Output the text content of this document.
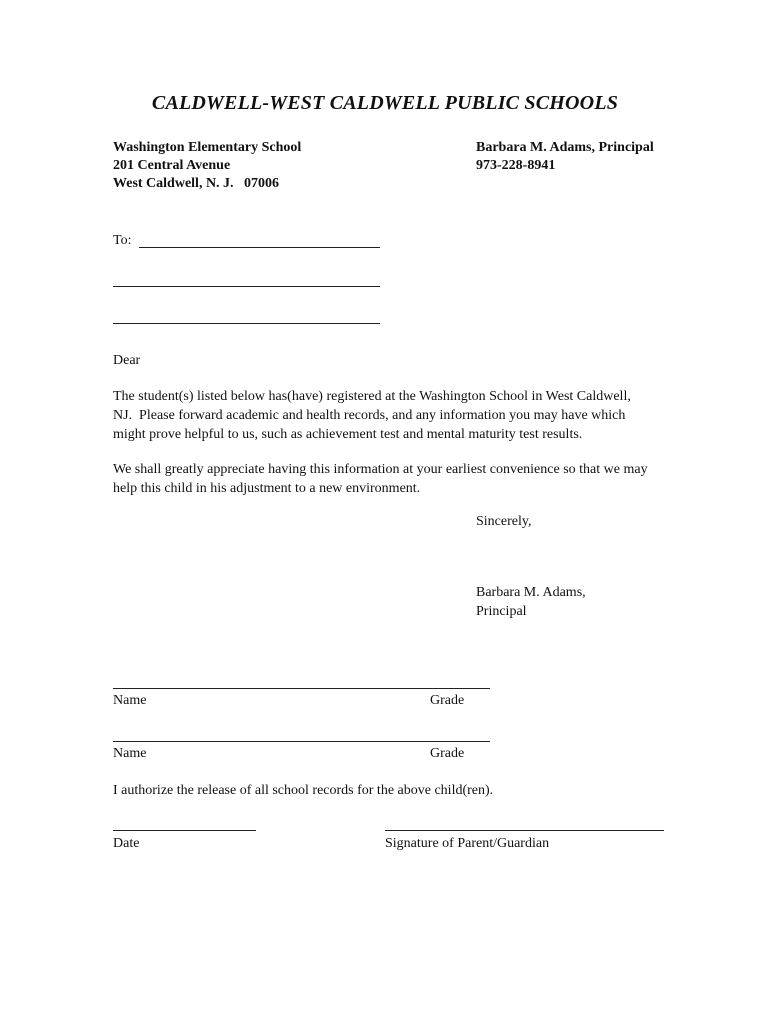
CALDWELL-WEST CALDWELL PUBLIC SCHOOLS
Washington Elementary School
201 Central Avenue
West Caldwell, N. J.   07006
Barbara M. Adams, Principal
973-228-8941
To:
Dear
The student(s) listed below has(have) registered at the Washington School in West Caldwell,
NJ.  Please forward academic and health records, and any information you may have which
might prove helpful to us, such as achievement test and mental maturity test results.
We shall greatly appreciate having this information at your earliest convenience so that we may
help this child in his adjustment to a new environment.
Sincerely,
Barbara M. Adams,
Principal
Name	Grade
Name	Grade
I authorize the release of all school records for the above child(ren).
Date	Signature of Parent/Guardian
